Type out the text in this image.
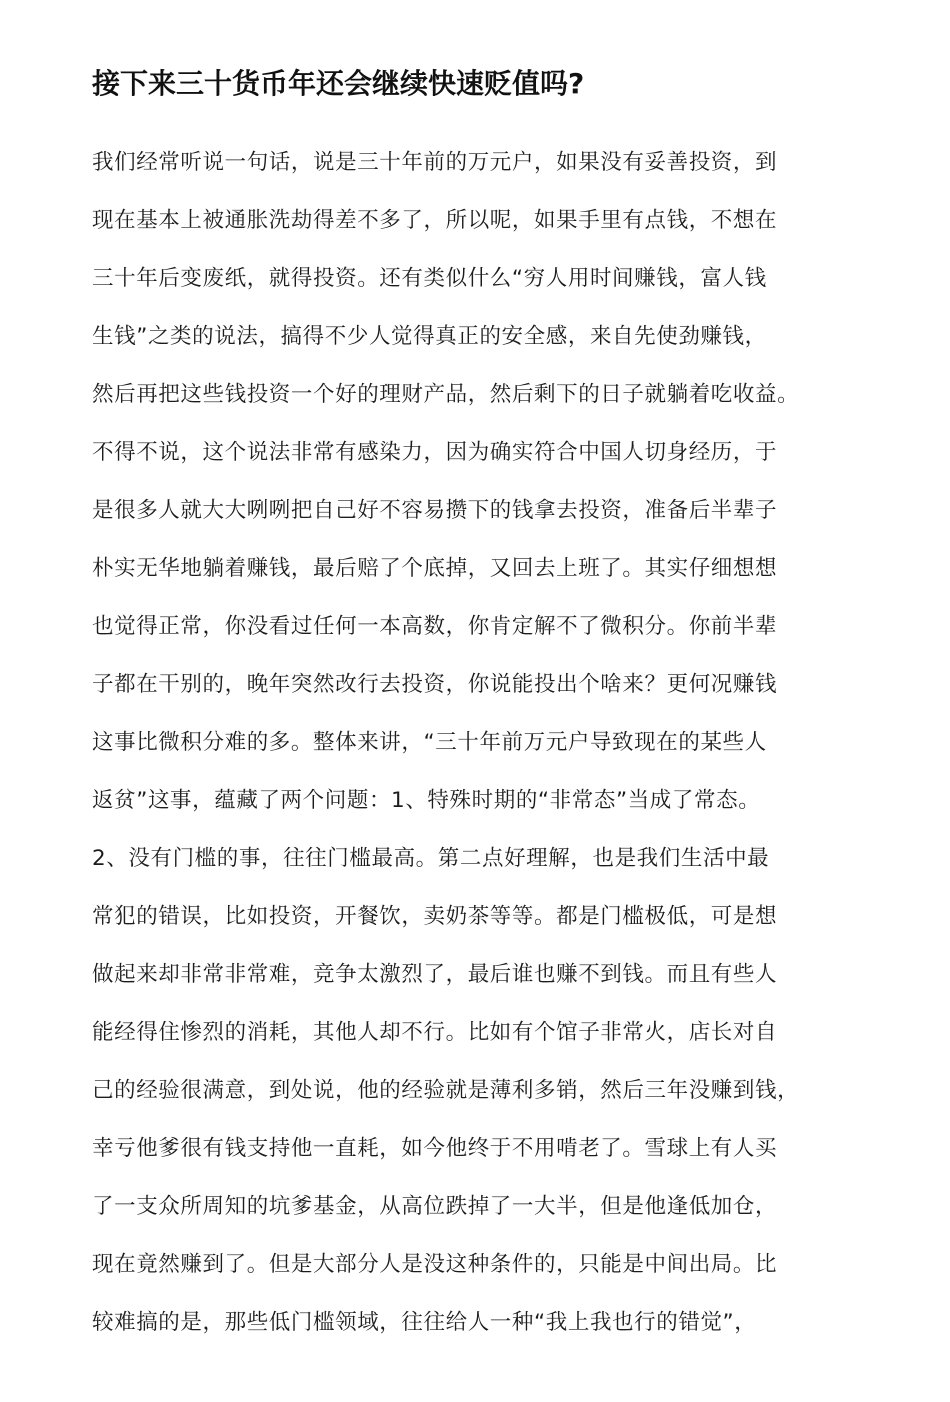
接下来三十货币年还会继续快速贬值吗?
我们经常听说一句话，说是三十年前的万元户，如果没有妥善投资，到
现在基本上被通胀洗劫得差不多了，所以呢，如果手里有点钱，不想在
三十年后变废纸，就得投资。还有类似什么“穷人用时间赚钱，富人钱
生钱”之类的说法，搞得不少人觉得真正的安全感，来自先使劲赚钱，
然后再把这些钱投资一个好的理财产品，然后剩下的日子就躺着吃收益。
不得不说，这个说法非常有感染力，因为确实符合中国人切身经历，于
是很多人就大大咧咧把自己好不容易攒下的钱拿去投资，准备后半辈子
朴实无华地躺着赚钱，最后赔了个底掉，又回去上班了。其实仔细想想
也觉得正常，你没看过任何一本高数，你肯定解不了微积分。你前半辈
子都在干别的，晚年突然改行去投资，你说能投出个啥来？更何况赚钱
这事比微积分难的多。整体来讲，“三十年前万元户导致现在的某些人
返贫”这事，蕴藏了两个问题：1、特殊时期的“非常态”当成了常态。
2、没有门槛的事，往往门槛最高。第二点好理解，也是我们生活中最
常犯的错误，比如投资，开餐饮，卖奶茶等等。都是门槛极低，可是想
做起来却非常非常难，竞争太激烈了，最后谁也赚不到钱。而且有些人
能经得住惨烈的消耗，其他人却不行。比如有个馆子非常火，店长对自
己的经验很满意，到处说，他的经验就是薄利多销，然后三年没赚到钱，
幸亏他爹很有钱支持他一直耗，如今他终于不用啃老了。雪球上有人买
了一支众所周知的坑爹基金，从高位跌掉了一大半，但是他逢低加仓，
现在竟然赚到了。但是大部分人是没这种条件的，只能是中间出局。比
较难搞的是，那些低门槛领域，往往给人一种“我上我也行的错觉”，
